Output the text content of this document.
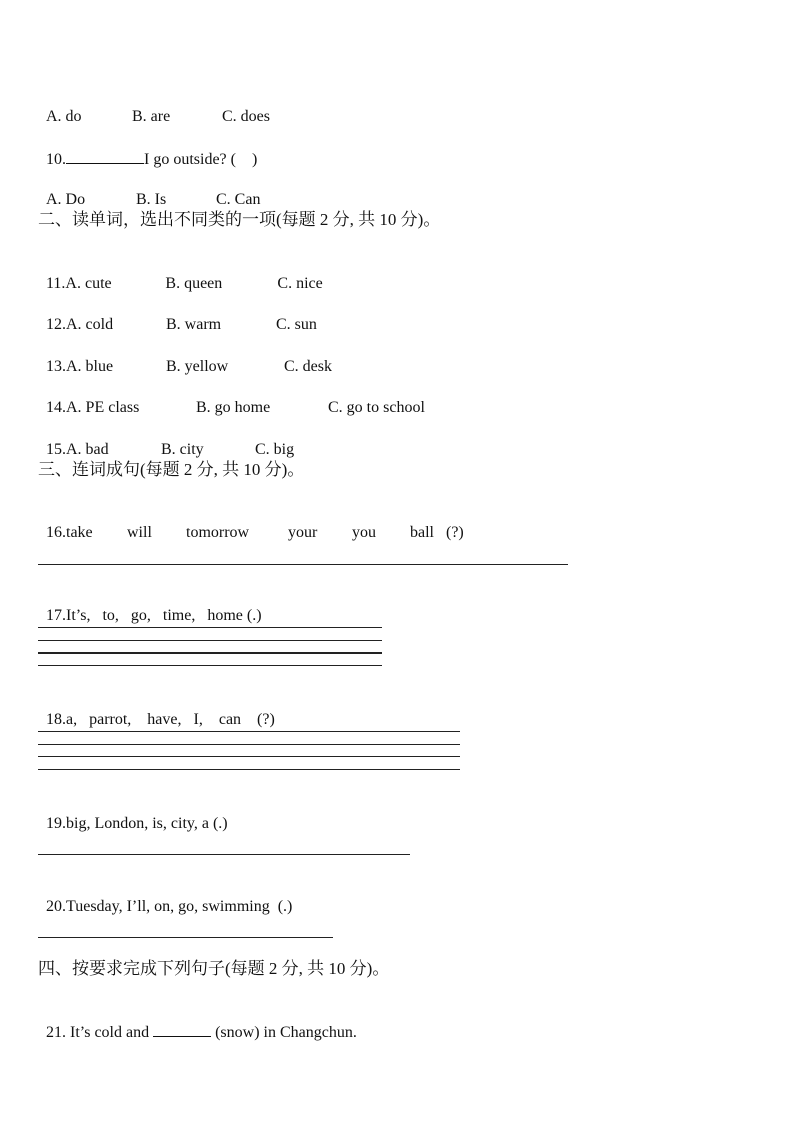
A. do	B. are	C. does

10.	I go outside? (    )

A. Do	B. Is	C. Can

二、读单词，选出不同类的一项(每题 2 分, 共 10 分)。

11.A. cute	B. queen	C. nice

12.A. cold	B. warm	C. sun

13.A. blue	B. yellow	C. desk

14.A. PE class	B. go home	C. go to school

15.A. bad	B. city	C. big

三、连词成句(每题 2 分, 共 10 分)。

16.take will tomorrow your you ball (?)

17.It’s,   to,   go,   time,   home (.)

18.a,   parrot,    have,   I,    can    (?)

19.big, London, is, city, a (.)

20.Tuesday, I’ll, on, go, swimming  (.)

四、按要求完成下列句子(每题 2 分, 共 10 分)。

21. It’s cold and	(snow) in Changchun.
